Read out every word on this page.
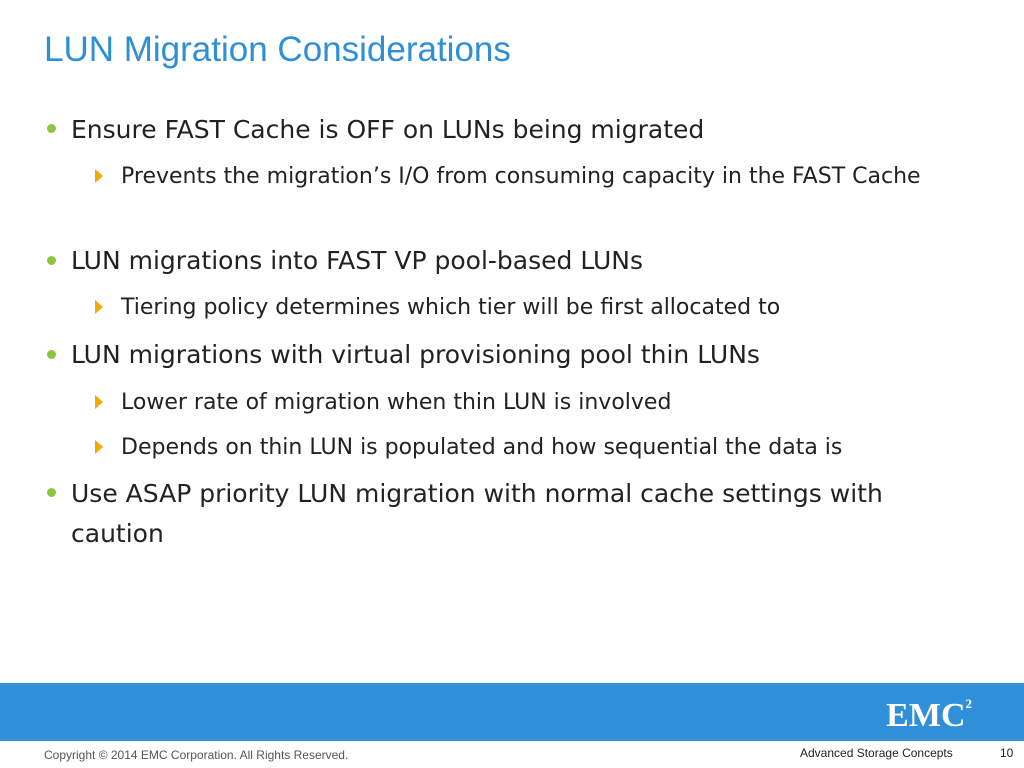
LUN Migration Considerations
Ensure FAST Cache is OFF on LUNs being migrated
Prevents the migration’s I/O from consuming capacity in the FAST Cache
LUN migrations into FAST VP pool-based LUNs
Tiering policy determines which tier will be first allocated to
LUN migrations with virtual provisioning pool thin LUNs
Lower rate of migration when thin LUN is involved
Depends on thin LUN is populated and how sequential the data is
Use ASAP priority LUN migration with normal cache settings with caution
EMC$^2$
Copyright © 2014 EMC Corporation. All Rights Reserved.	Advanced Storage Concepts	10
